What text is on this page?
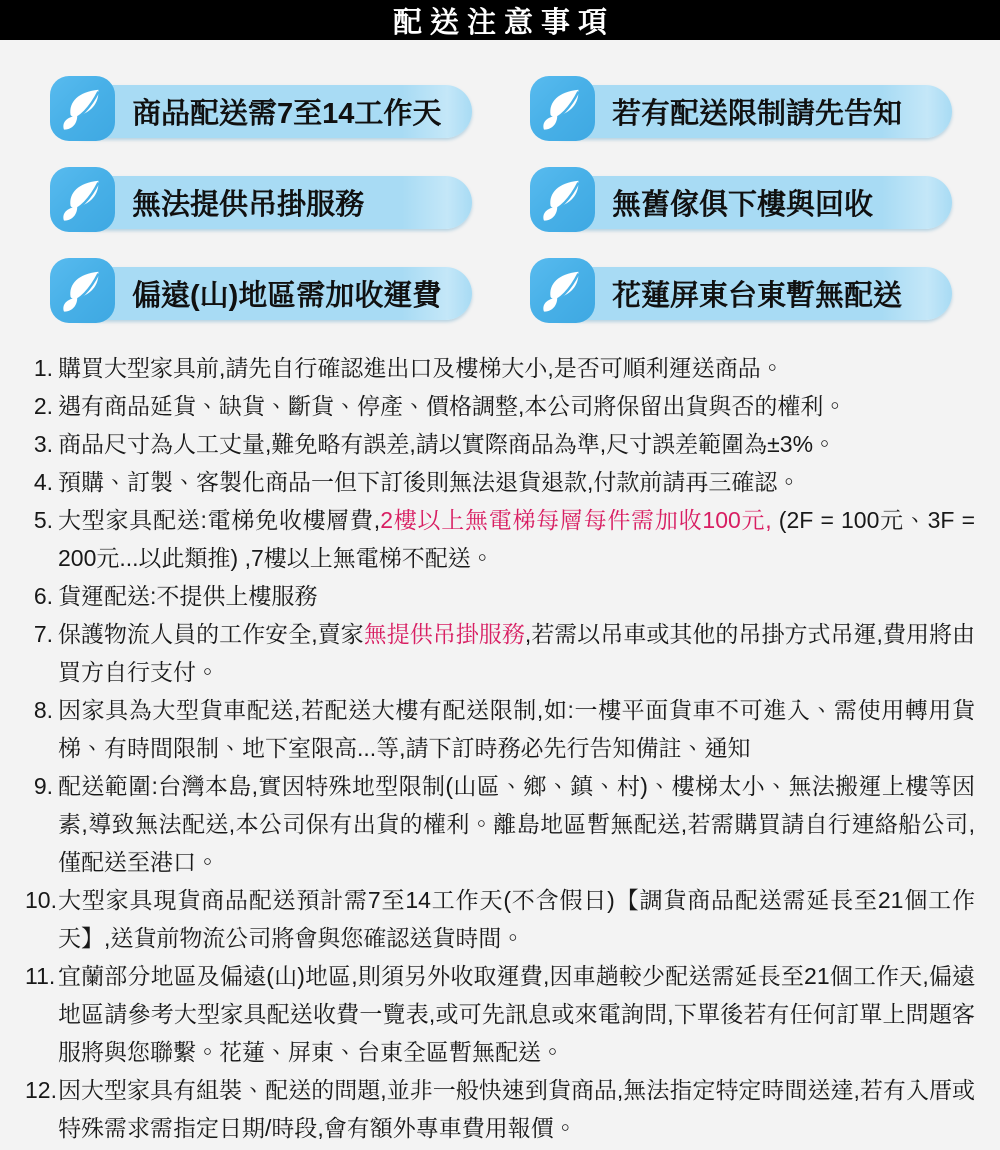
配送注意事項
商品配送需7至14工作天	若有配送限制請先告知
無法提供吊掛服務	無舊傢俱下樓與回收
偏遠(山)地區需加收運費	花蓮屏東台東暫無配送
購買大型家具前,請先自行確認進出口及樓梯大小,是否可順利運送商品。
遇有商品延貨、缺貨、斷貨、停產、價格調整,本公司將保留出貨與否的權利。
商品尺寸為人工丈量,難免略有誤差,請以實際商品為準,尺寸誤差範圍為±3%。
預購、訂製、客製化商品一但下訂後則無法退貨退款,付款前請再三確認。
大型家具配送:電梯免收樓層費,2樓以上無電梯每層每件需加收100元, (2F = 100元、3F = 200元...以此類推) ,7樓以上無電梯不配送。
貨運配送:不提供上樓服務
保護物流人員的工作安全,賣家無提供吊掛服務,若需以吊車或其他的吊掛方式吊運,費用將由買方自行支付。
因家具為大型貨車配送,若配送大樓有配送限制,如:一樓平面貨車不可進入、需使用轉用貨梯、有時間限制、地下室限高...等,請下訂時務必先行告知備註、通知
配送範圍:台灣本島,實因特殊地型限制(山區、鄉、鎮、村)、樓梯太小、無法搬運上樓等因素,導致無法配送,本公司保有出貨的權利。離島地區暫無配送,若需購買請自行連絡船公司,僅配送至港口。
大型家具現貨商品配送預計需7至14工作天(不含假日)【調貨商品配送需延長至21個工作天】,送貨前物流公司將會與您確認送貨時間。
宜蘭部分地區及偏遠(山)地區,則須另外收取運費,因車趟較少配送需延長至21個工作天,偏遠地區請參考大型家具配送收費一覽表,或可先訊息或來電詢問,下單後若有任何訂單上問題客服將與您聯繫。花蓮、屏東、台東全區暫無配送。
因大型家具有組裝、配送的問題,並非一般快速到貨商品,無法指定特定時間送達,若有入厝或特殊需求需指定日期/時段,會有額外專車費用報價。
